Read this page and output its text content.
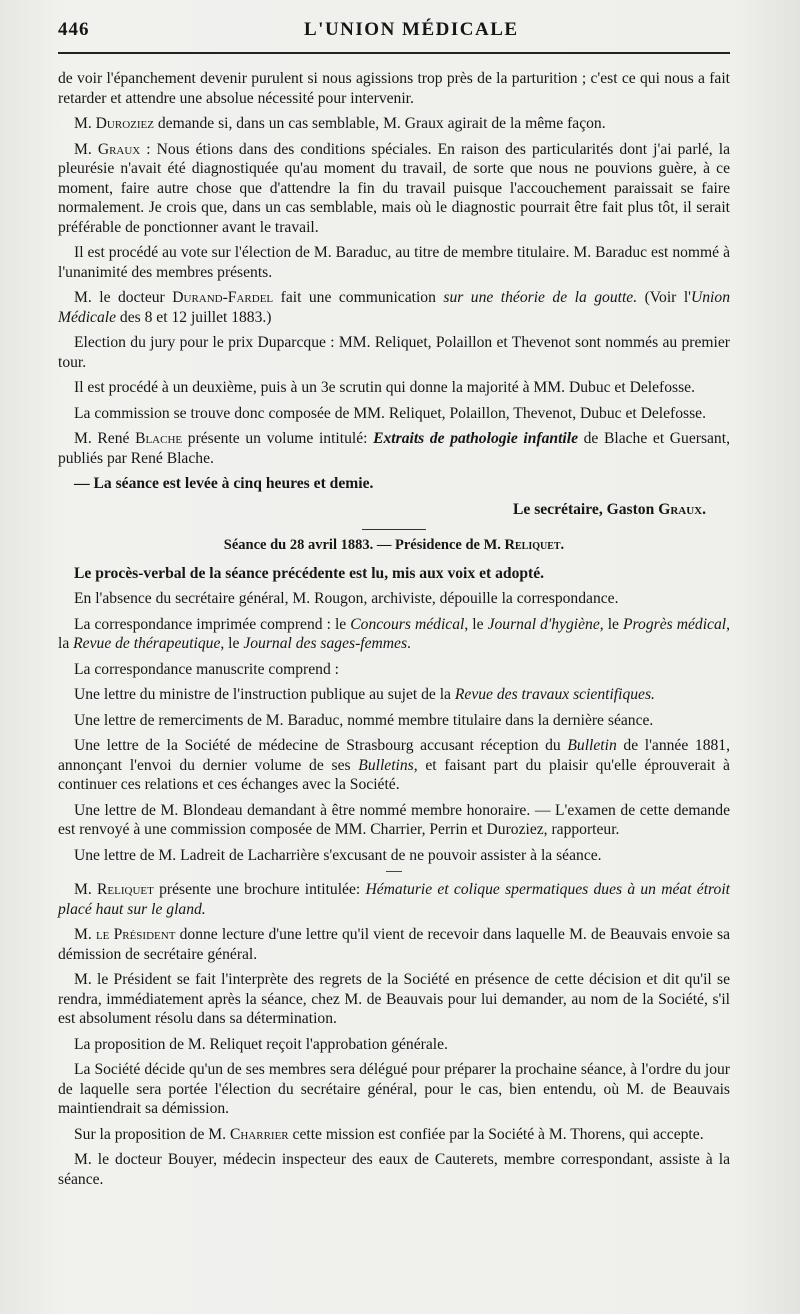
446	L'UNION MÉDICALE

de voir l'épanchement devenir purulent si nous agissions trop près de la parturition ; c'est ce qui nous a fait retarder et attendre une absolue nécessité pour intervenir.

M. Duroziez demande si, dans un cas semblable, M. Graux agirait de la même façon.

M. Graux : Nous étions dans des conditions spéciales. En raison des particularités dont j'ai parlé, la pleurésie n'avait été diagnostiquée qu'au moment du travail, de sorte que nous ne pouvions guère, à ce moment, faire autre chose que d'attendre la fin du travail puisque l'accouchement paraissait se faire normalement. Je crois que, dans un cas semblable, mais où le diagnostic pourrait être fait plus tôt, il serait préférable de ponctionner avant le travail.

Il est procédé au vote sur l'élection de M. Baraduc, au titre de membre titulaire. M. Baraduc est nommé à l'unanimité des membres présents.

M. le docteur Durand-Fardel fait une communication sur une théorie de la goutte. (Voir l'Union Médicale des 8 et 12 juillet 1883.)

Election du jury pour le prix Duparcque : MM. Reliquet, Polaillon et Thevenot sont nommés au premier tour.

Il est procédé à un deuxième, puis à un 3e scrutin qui donne la majorité à MM. Dubuc et Delefosse.

La commission se trouve donc composée de MM. Reliquet, Polaillon, Thevenot, Dubuc et Delefosse.

M. René Blache présente un volume intitulé: Extraits de pathologie infantile de Blache et Guersant, publiés par René Blache.

— La séance est levée à cinq heures et demie.

Le secrétaire, Gaston Graux.

Séance du 28 avril 1883. — Présidence de M. Reliquet.

Le procès-verbal de la séance précédente est lu, mis aux voix et adopté.

En l'absence du secrétaire général, M. Rougon, archiviste, dépouille la correspondance.

La correspondance imprimée comprend : le Concours médical, le Journal d'hygiène, le Progrès médical, la Revue de thérapeutique, le Journal des sages-femmes.

La correspondance manuscrite comprend :

Une lettre du ministre de l'instruction publique au sujet de la Revue des travaux scientifiques.

Une lettre de remerciments de M. Baraduc, nommé membre titulaire dans la dernière séance.

Une lettre de la Société de médecine de Strasbourg accusant réception du Bulletin de l'année 1881, annonçant l'envoi du dernier volume de ses Bulletins, et faisant part du plaisir qu'elle éprouverait à continuer ces relations et ces échanges avec la Société.

Une lettre de M. Blondeau demandant à être nommé membre honoraire. — L'examen de cette demande est renvoyé à une commission composée de MM. Charrier, Perrin et Duroziez, rapporteur.

Une lettre de M. Ladreit de Lacharrière s'excusant de ne pouvoir assister à la séance.

M. Reliquet présente une brochure intitulée: Hématurie et colique spermatiques dues à un méat étroit placé haut sur le gland.

M. le Président donne lecture d'une lettre qu'il vient de recevoir dans laquelle M. de Beauvais envoie sa démission de secrétaire général.

M. le Président se fait l'interprète des regrets de la Société en présence de cette décision et dit qu'il se rendra, immédiatement après la séance, chez M. de Beauvais pour lui demander, au nom de la Société, s'il est absolument résolu dans sa détermination.

La proposition de M. Reliquet reçoit l'approbation générale.

La Société décide qu'un de ses membres sera délégué pour préparer la prochaine séance, à l'ordre du jour de laquelle sera portée l'élection du secrétaire général, pour le cas, bien entendu, où M. de Beauvais maintiendrait sa démission.

Sur la proposition de M. Charrier cette mission est confiée par la Société à M. Thorens, qui accepte.

M. le docteur Bouyer, médecin inspecteur des eaux de Cauterets, membre correspondant, assiste à la séance.
